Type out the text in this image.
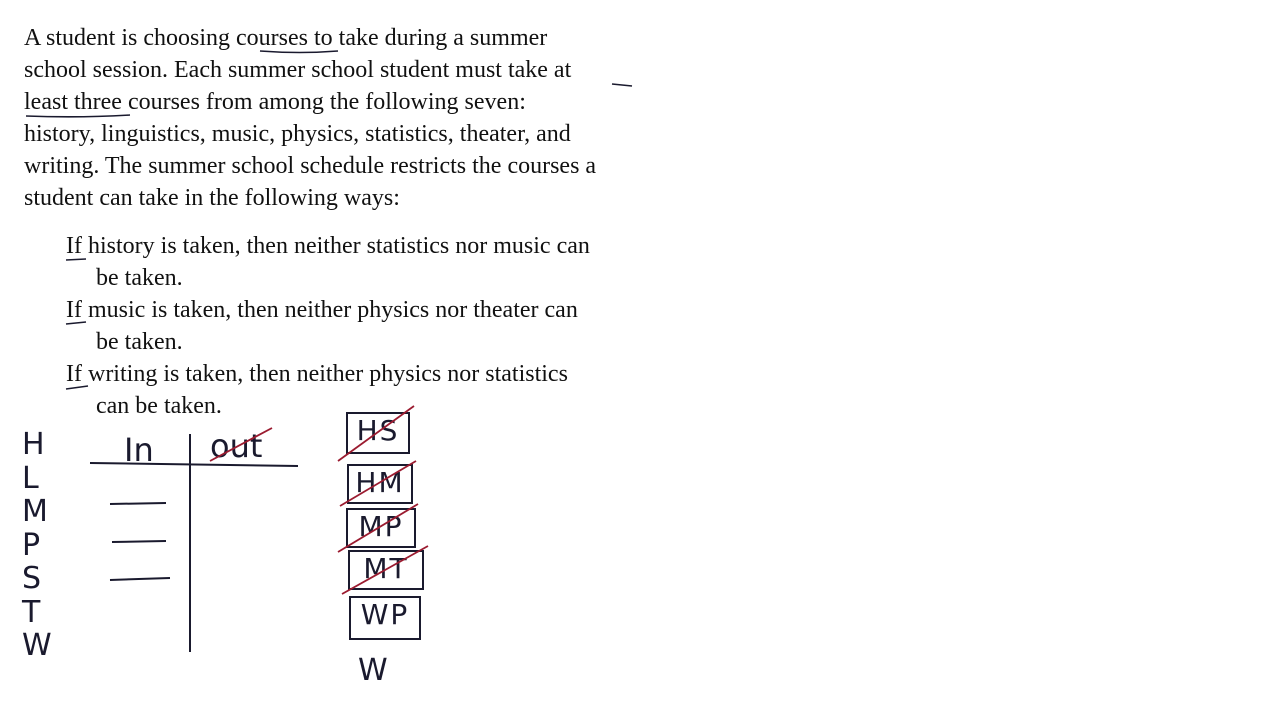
A student is choosing courses to take during a summer
school session. Each summer school student must take at
least three courses from among the following seven:
history, linguistics, music, physics, statistics, theater, and
writing. The summer school schedule restricts the courses a
student can take in the following ways:
If history is taken, then neither statistics nor music can
be taken.
If music is taken, then neither physics nor theater can
be taken.
If writing is taken, then neither physics nor statistics
can be taken.
H
L
M
P
S
T
W
In out	HS
HM
MP
MT
WP
W
